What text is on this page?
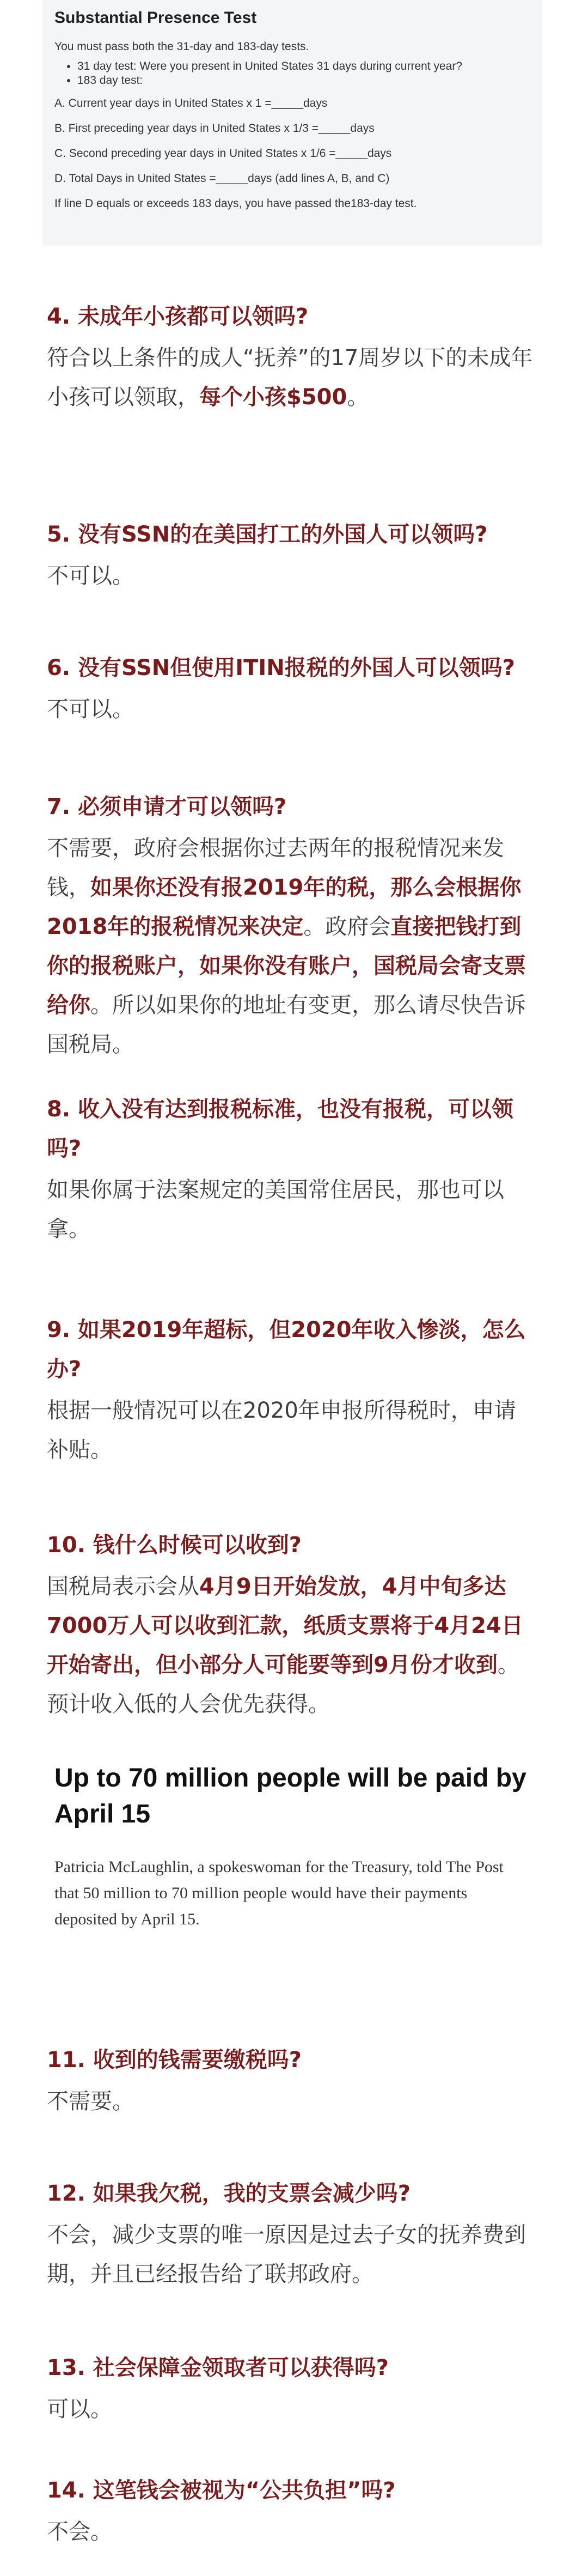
Substantial Presence Test

You must pass both the 31-day and 183-day tests.

• 31 day test: Were you present in United States 31 days during current year?
• 183 day test:

A. Current year days in United States x 1 =_____days

B. First preceding year days in United States x 1/3 =_____days

C. Second preceding year days in United States x 1/6 =_____days

D. Total Days in United States =_____days (add lines A, B, and C)

If line D equals or exceeds 183 days, you have passed the183-day test.

4. 未成年小孩都可以领吗?

符合以上条件的成人“抚养”的17周岁以下的未成年小孩可以领取，每个小孩$500。

5. 没有SSN的在美国打工的外国人可以领吗?

不可以。

6. 没有SSN但使用ITIN报税的外国人可以领吗?

不可以。

7. 必须申请才可以领吗?

不需要，政府会根据你过去两年的报税情况来发钱，如果你还没有报2019年的税，那么会根据你2018年的报税情况来决定。政府会直接把钱打到你的报税账户，如果你没有账户，国税局会寄支票给你。所以如果你的地址有变更，那么请尽快告诉国税局。

8. 收入没有达到报税标准，也没有报税，可以领吗?

如果你属于法案规定的美国常住居民，那也可以拿。

9. 如果2019年超标，但2020年收入惨淡，怎么办?

根据一般情况可以在2020年申报所得税时，申请补贴。

10. 钱什么时候可以收到?

国税局表示会从4月9日开始发放，4月中旬多达7000万人可以收到汇款，纸质支票将于4月24日开始寄出，但小部分人可能要等到9月份才收到。预计收入低的人会优先获得。

Up to 70 million people will be paid by April 15

Patricia McLaughlin, a spokeswoman for the Treasury, told The Post that 50 million to 70 million people would have their payments deposited by April 15.

11. 收到的钱需要缴税吗?

不需要。

12. 如果我欠税，我的支票会减少吗?

不会，减少支票的唯一原因是过去子女的抚养费到期，并且已经报告给了联邦政府。

13. 社会保障金领取者可以获得吗?

可以。

14. 这笔钱会被视为“公共负担”吗?

不会。
